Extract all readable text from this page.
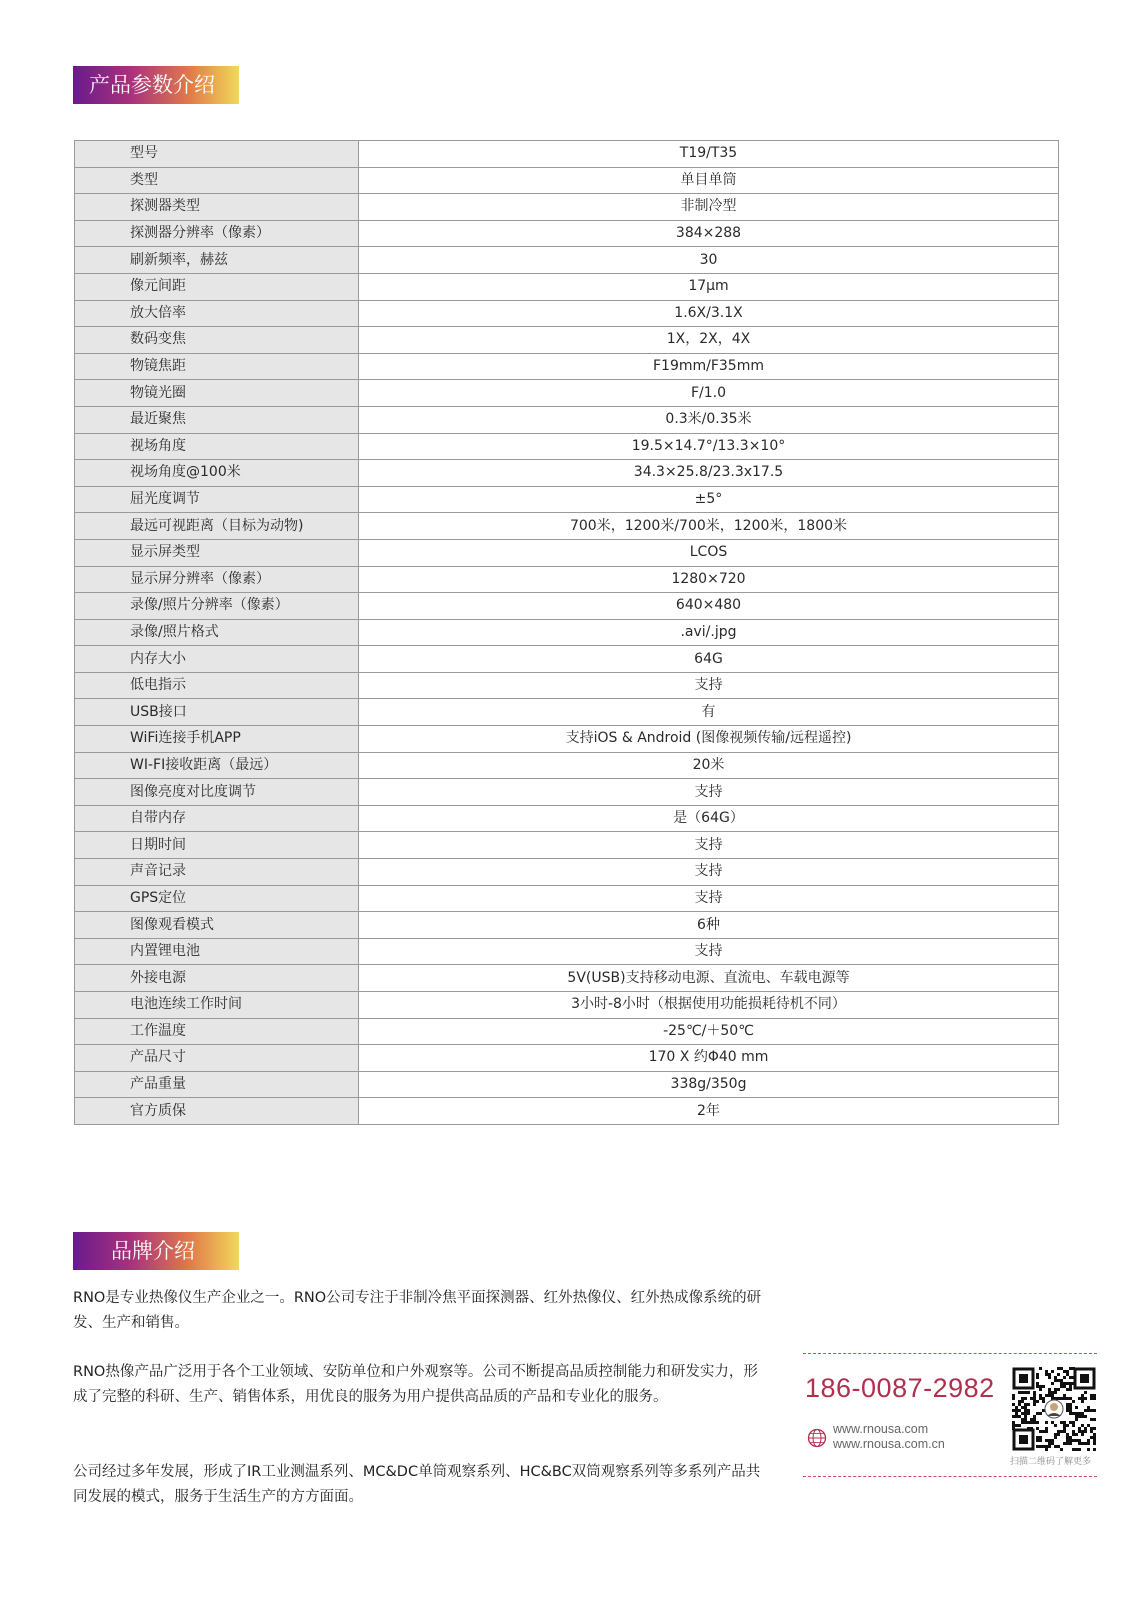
产品参数介绍
型号	T19/T35
类型	单目单筒
探测器类型	非制冷型
探测器分辨率（像素）	384×288
刷新频率，赫兹	30
像元间距	17μm
放大倍率	1.6X/3.1X
数码变焦	1X，2X，4X
物镜焦距	F19mm/F35mm
物镜光圈	F/1.0
最近聚焦	0.3米/0.35米
视场角度	19.5×14.7°/13.3×10°
视场角度@100米	34.3×25.8/23.3x17.5
屈光度调节	±5°
最远可视距离（目标为动物)	700米，1200米/700米，1200米，1800米
显示屏类型	LCOS
显示屏分辨率（像素）	1280×720
录像/照片分辨率（像素）	640×480
录像/照片格式	.avi/.jpg
内存大小	64G
低电指示	支持
USB接口	有
WiFi连接手机APP	支持iOS & Android (图像视频传输/远程遥控)
WI-FI接收距离（最远）	20米
图像亮度对比度调节	支持
自带内存	是（64G）
日期时间	支持
声音记录	支持
GPS定位	支持
图像观看模式	6种
内置锂电池	支持
外接电源	5V(USB)支持移动电源、直流电、车载电源等
电池连续工作时间	3小时-8小时（根据使用功能损耗待机不同）
工作温度	-25℃/＋50℃
产品尺寸	170 X 约Φ40 mm
产品重量	338g/350g
官方质保	2年
品牌介绍
RNO是专业热像仪生产企业之一。RNO公司专注于非制冷焦平面探测器、红外热像仪、红外热成像系统的研发、生产和销售。
RNO热像产品广泛用于各个工业领域、安防单位和户外观察等。公司不断提高品质控制能力和研发实力，形成了完整的科研、生产、销售体系，用优良的服务为用户提供高品质的产品和专业化的服务。
公司经过多年发展，形成了IR工业测温系列、MC&DC单筒观察系列、HC&BC双筒观察系列等多系列产品共同发展的模式，服务于生活生产的方方面面。
186-0087-2982
www.rnousa.com
www.rnousa.com.cn
扫描二维码了解更多
